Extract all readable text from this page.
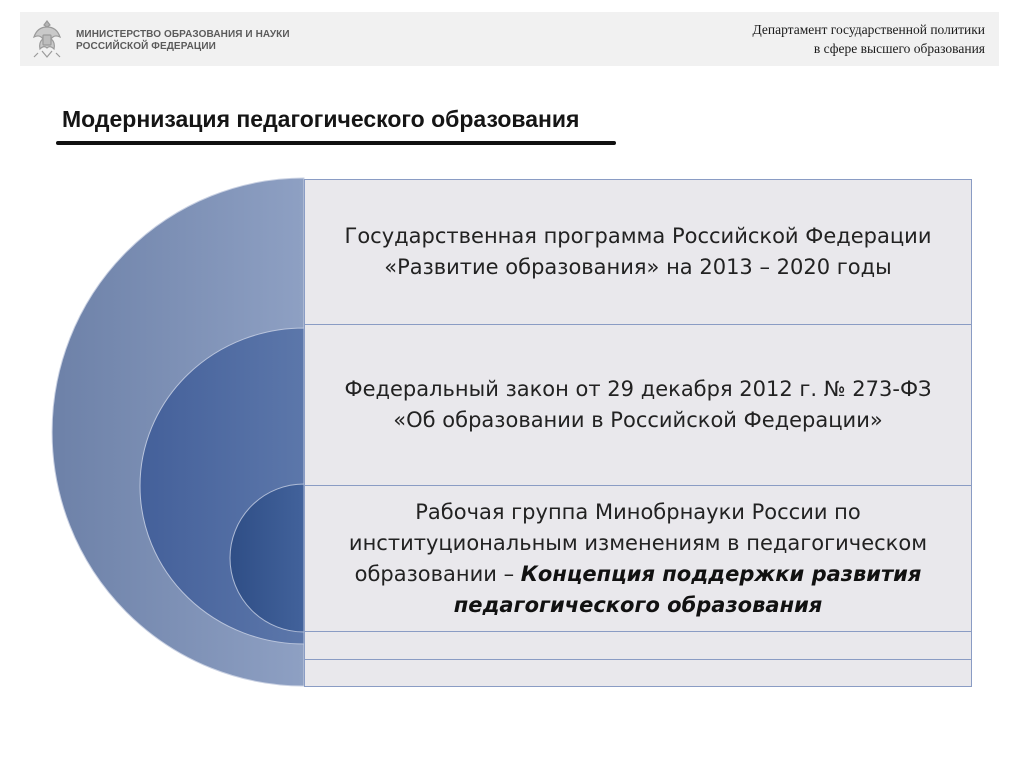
МИНИСТЕРСТВО ОБРАЗОВАНИЯ И НАУКИ
РОССИЙСКОЙ ФЕДЕРАЦИИ
Департамент государственной политики
в сфере высшего образования
Модернизация педагогического образования
Государственная программа Российской Федерации
«Развитие образования» на 2013 – 2020 годы
Федеральный закон от 29 декабря 2012 г. № 273-ФЗ
«Об образовании в Российской Федерации»
Рабочая группа Минобрнауки России по институциональным изменениям в педагогическом образовании – Концепция поддержки развития педагогического образования
